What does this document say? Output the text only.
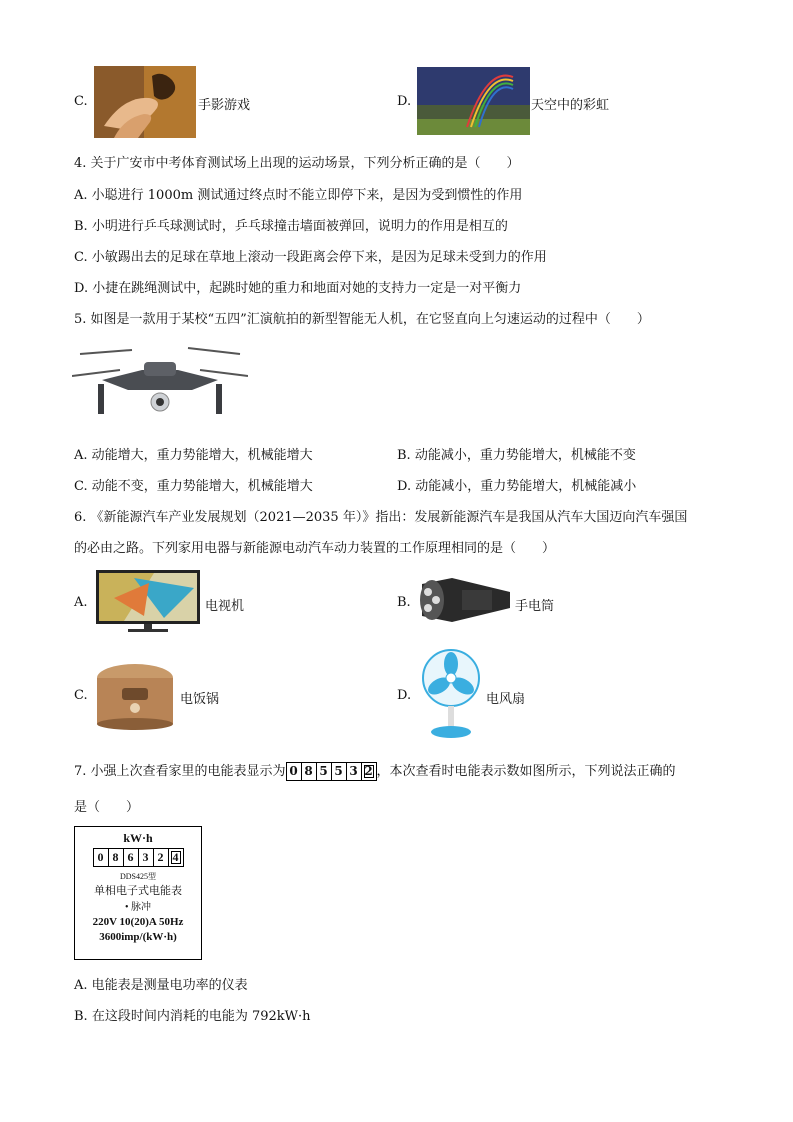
C.	手影游戏	D.	天空中的彩虹
4. 关于广安市中考体育测试场上出现的运动场景，下列分析正确的是（　　）
A. 小聪进行 1000m 测试通过终点时不能立即停下来，是因为受到惯性的作用
B. 小明进行乒乓球测试时，乒乓球撞击墙面被弹回，说明力的作用是相互的
C. 小敏踢出去的足球在草地上滚动一段距离会停下来，是因为足球未受到力的作用
D. 小捷在跳绳测试中，起跳时她的重力和地面对她的支持力一定是一对平衡力
5. 如图是一款用于某校“五四”汇演航拍的新型智能无人机，在它竖直向上匀速运动的过程中（　　）
A. 动能增大，重力势能增大，机械能增大	B. 动能减小，重力势能增大，机械能不变
C. 动能不变，重力势能增大，机械能增大	D. 动能减小，重力势能增大，机械能减小
6. 《新能源汽车产业发展规划（2021—2035 年）》指出：发展新能源汽车是我国从汽车大国迈向汽车强国
的必由之路。下列家用电器与新能源电动汽车动力装置的工作原理相同的是（　　）
A.	电视机	B.	手电筒
C.	电饭锅	D.	电风扇
7. 小强上次查看家里的电能表显示为 0 8 5 5 3 2 ，本次查看时电能表示数如图所示，下列说法正确的
是（　　）
kW·h
0 8 6 3 2 4
DDS425型
单相电子式电能表
• 脉冲
220V 10(20)A 50Hz
3600imp/(kW·h)
A. 电能表是测量电功率的仪表
B. 在这段时间内消耗的电能为 792kW·h
